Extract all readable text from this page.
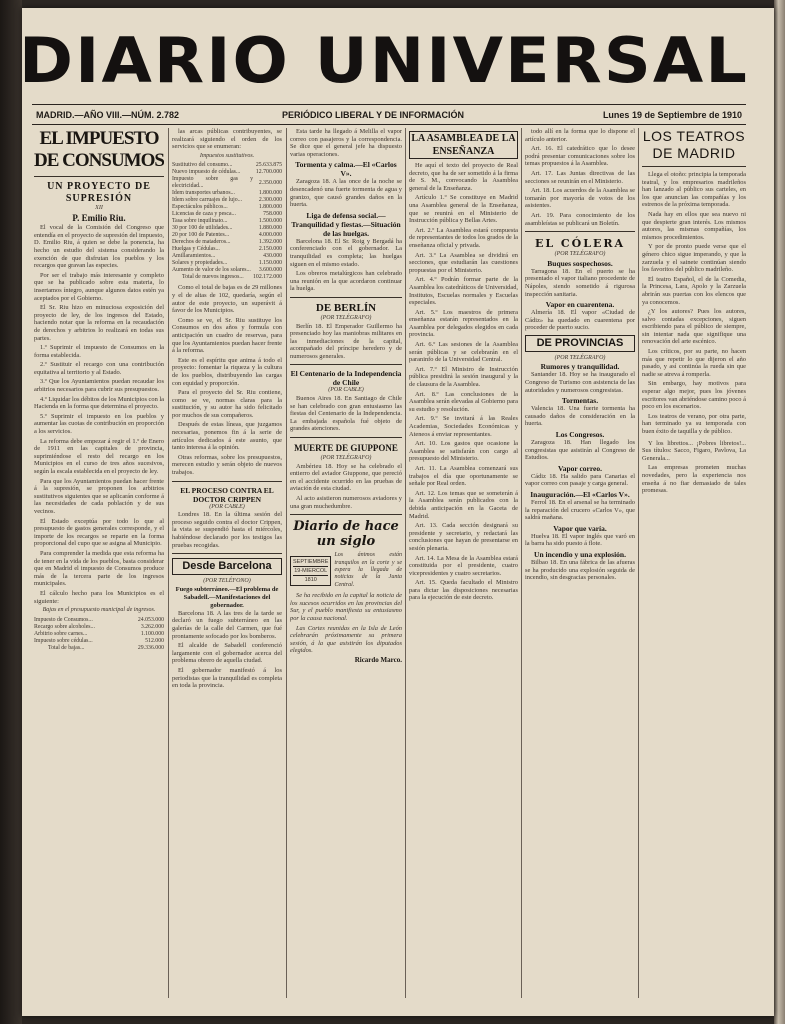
DIARIO UNIVERSAL
MADRID.—AÑO VIII.—NÚM. 2.782	PERIÓDICO LIBERAL Y DE INFORMACIÓN	Lunes 19 de Septiembre de 1910
EL IMPUESTO DE CONSUMOS
UN PROYECTO DE SUPRESIÓN
XII
P. Emilio Riu.

El vocal de la Comisión del Congreso que entendía en el proyecto de supresión del impuesto, D. Emilio Riu, á quien se debe la ponencia, ha hecho un estudio del sistema considerando la exención de que disfrutan los pueblos y los recargos que gravan las especies.

Por ser el trabajo más interesante y completo que se ha publicado sobre esta materia, lo insertamos íntegro, aunque algunos datos estén ya aceptados por el Gobierno.

El Sr. Riu hizo en minuciosa exposición del proyecto de ley, de los ingresos del Estado, haciendo notar que la reforma en la recaudación de derechos y arbitrios lo realizará en todas sus partes.

1.º Suprimir el impuesto de Consumos en la forma establecida.

2.º Sustituir el recargo con una contribución equitativa al territorio y al Estado.

3.º Que los Ayuntamientos puedan recaudar los arbitrios necesarios para cubrir sus presupuestos.

4.º Liquidar los débitos de los Municipios con la Hacienda en la forma que determina el proyecto.

5.º Suprimir el impuesto en los pueblos y aumentar las cuotas de contribución en proporción a los servicios.

La reforma debe empezar á regir el 1.º de Enero de 1911 en las capitales de provincia, suprimiéndose el resto del recargo en los Municipios en el curso de tres años sucesivos, según la escala establecida en el proyecto de ley.

Para que los Ayuntamientos puedan hacer frente á la supresión, se proponen los arbitrios sustitutivos siguientes que se aplicarán conforme á las necesidades de cada población y de sus vecinos.

El Estado exceptúa por todo lo que al presupuesto de gastos generales corresponde, y el importe de los recargos se reparte en la forma proporcional del cupo que se asigna al Municipio.

Para comprender la medida que esta reforma ha de tener en la vida de los pueblos, basta considerar que en Madrid el impuesto de Consumos produce más de la tercera parte de los ingresos municipales.

El cálculo hecho para los Municipios es el siguiente:

Bajas en el presupuesto municipal de ingresos.
Impuesto de Consumos...	24.053.000
Recargo sobre alcoholes...	3.262.000
Arbitrio sobre carnes...	1.100.000
Impuesto sobre cédulas...	512.000
Total de bajas...	29.336.000

las arcas públicas contribuyentes, se realizará siguiendo el orden de los servicios que se enumeran:

Impuestos sustitutivos.
Sustitutivo del consumo...	25.633.875
Nuevo impuesto de cédulas...	12.700.000
Impuesto sobre gas y electricidad...	2.350.000
Idem transportes urbanos...	1.800.000
Idem sobre carruajes de lujo...	2.300.000
Espectáculos públicos...	1.800.000
Licencias de caza y pesca...	758.000
Tasa sobre inquilinato...	1.500.000
30 por 100 de utilidades...	1.880.000
20 por 100 de Patentes...	4.000.000
Derechos de mataderos...	1.392.000
Huelgas y Cédulas...	2.150.000
Amillaramientos...	430.000
Solares y propiedades...	1.150.000
Aumento de valor de los solares...	3.600.000
Total de nuevos ingresos...	102.172.000

Como el total de bajas es de 29 millones y el de altas de 102, quedaría, según el autor de este proyecto, un superávit á favor de los Municipios.

Como se ve, el Sr. Riu sustituye los Consumos en dos años y formula con anticipación un cuadro de reservas, para que los Ayuntamientos puedan hacer frente á la reforma.

Este es el espíritu que anima á todo el proyecto: fomentar la riqueza y la cultura de los pueblos, distribuyendo las cargas con equidad y proporción.

Para el proyecto del Sr. Riu contiene, como se ve, normas claras para la sustitución, y su autor ha sido felicitado por muchos de sus compañeros.

Después de estas líneas, que juzgamos necesarias, ponemos fin á la serie de artículos dedicados á este asunto, que tanto interesa á la opinión.

Otras reformas, sobre los presupuestos, merecen estudio y serán objeto de nuevos trabajos.

EL PROCESO CONTRA EL DOCTOR CRIPPEN
(POR CABLE)

Londres 18. En la última sesión del proceso seguido contra el doctor Crippen, la vista se suspendió hasta el miércoles, habiéndose declarado por los testigos las pruebas recogidas.

Desde Barcelona
(POR TELÉFONO)
Fuego subterráneo.—El problema de Sabadell.—Manifestaciones del gobernador.

Barcelona 18. A las tres de la tarde se declaró un fuego subterráneo en las galerías de la calle del Carmen, que fué prontamente sofocado por los bomberos.

El alcalde de Sabadell conferenció largamente con el gobernador acerca del problema obrero de aquella ciudad.

El gobernador manifestó á los periodistas que la tranquilidad es completa en toda la provincia.

Esta tarde ha llegado á Melilla el vapor correo con pasajeros y la correspondencia. Se dice que el general jefe ha dispuesto varias operaciones.

Tormenta y calma.—El «Carlos V».

Zaragoza 18. A las once de la noche se desencadenó una fuerte tormenta de agua y granizo, que causó grandes daños en la huerta.

Liga de defensa social.—Tranquilidad y fiestas.—Situación de las huelgas.

Barcelona 18. El Sr. Roig y Bergadá ha conferenciado con el gobernador. La tranquilidad es completa; las huelgas siguen en el mismo estado.

Los obreros metalúrgicos han celebrado una reunión en la que acordaron continuar la huelga.

DE BERLÍN
(POR TELÉGRAFO)

Berlín 18. El Emperador Guillermo ha presenciado hoy las maniobras militares en las inmediaciones de la capital, acompañado del príncipe heredero y de numerosos generales.

El Centenario de la Independencia de Chile
(POR CABLE)

Buenos Aires 18. En Santiago de Chile se han celebrado con gran entusiasmo las fiestas del Centenario de la Independencia. La embajada española fué objeto de grandes atenciones.

MUERTE DE GIUPPONE
(POR TELÉGRAFO)

Ambérieu 18. Hoy se ha celebrado el entierro del aviador Giuppone, que pereció en el accidente ocurrido en las pruebas de aviación de esta ciudad.

Al acto asistieron numerosos aviadores y una gran muchedumbre.

Diario de hace un siglo
SEPTIEMBRE
19-MIERCOL
1810
Los ánimos están tranquilos en la corte y se espera la llegada de noticias de la Junta Central.

Se ha recibido en la capital la noticia de los sucesos ocurridos en las provincias del Sur, y el pueblo manifiesta su entusiasmo por la causa nacional.

Las Cortes reunidas en la Isla de León celebrarán próximamente su primera sesión, á la que asistirán los diputados elegidos.

Ricardo Marco.
LA ASAMBLEA DE LA ENSEÑANZA

He aquí el texto del proyecto de Real decreto, que ha de ser sometido á la firma de S. M., convocando la Asamblea general de la Enseñanza.

Artículo 1.º Se constituye en Madrid una Asamblea general de la Enseñanza, que se reunirá en el Ministerio de Instrucción pública y Bellas Artes.

Art. 2.º La Asamblea estará compuesta de representantes de todos los grados de la enseñanza oficial y privada.

Art. 3.º La Asamblea se dividirá en secciones, que estudiarán las cuestiones propuestas por el Ministerio.

Art. 4.º Podrán formar parte de la Asamblea los catedráticos de Universidad, Institutos, Escuelas normales y Escuelas especiales.

Art. 5.º Los maestros de primera enseñanza estarán representados en la Asamblea por delegados elegidos en cada provincia.

Art. 6.º Las sesiones de la Asamblea serán públicas y se celebrarán en el paraninfo de la Universidad Central.

Art. 7.º El Ministro de Instrucción pública presidirá la sesión inaugural y la de clausura de la Asamblea.

Art. 8.º Las conclusiones de la Asamblea serán elevadas al Gobierno para su estudio y resolución.

Art. 9.º Se invitará á las Reales Academias, Sociedades Económicas y Ateneos á enviar representantes.

Art. 10. Los gastos que ocasione la Asamblea se satisfarán con cargo al presupuesto del Ministerio.

Art. 11. La Asamblea comenzará sus trabajos el día que oportunamente se señale por Real orden.

Art. 12. Los temas que se someterán á la Asamblea serán publicados con la debida anticipación en la Gaceta de Madrid.

Art. 13. Cada sección designará su presidente y secretario, y redactará las conclusiones que hayan de presentarse en sesión plenaria.

Art. 14. La Mesa de la Asamblea estará constituida por el presidente, cuatro vicepresidentes y cuatro secretarios.

Art. 15. Queda facultado el Ministro para dictar las disposiciones necesarias para la ejecución de este decreto.

todo allí en la forma que lo dispone el artículo anterior.

Art. 16. El catedrático que lo desee podrá presentar comunicaciones sobre los temas propuestos á la Asamblea.

Art. 17. Las Juntas directivas de las secciones se reunirán en el Ministerio.

Art. 18. Los acuerdos de la Asamblea se tomarán por mayoría de votos de los asistentes.

Art. 19. Para conocimiento de los asambleístas se publicará un Boletín.

EL CÓLERA
(POR TELÉGRAFO)
Buques sospechosos.

Tarragona 18. En el puerto se ha presentado el vapor italiano procedente de Nápoles, siendo sometido á rigurosa inspección sanitaria.

Vapor en cuarentena.

Almería 18. El vapor «Ciudad de Cádiz» ha quedado en cuarentena por proceder de puerto sucio.

DE PROVINCIAS
(POR TELÉGRAFO)
Rumores y tranquilidad.

Santander 18. Hoy se ha inaugurado el Congreso de Turismo con asistencia de las autoridades y numerosos congresistas.

Tormentas.

Valencia 18. Una fuerte tormenta ha causado daños de consideración en la huerta.

Los Congresos.

Zaragoza 18. Han llegado los congresistas que asistirán al Congreso de Estudios.

Vapor correo.

Cádiz 18. Ha salido para Canarias el vapor correo con pasaje y carga general.

Inauguración.—El «Carlos V».

Ferrol 18. En el arsenal se ha terminado la reparación del crucero «Carlos V», que saldrá mañana.

Vapor que varía.

Huelva 18. El vapor inglés que varó en la barra ha sido puesto á flote.

Un incendio y una explosión.

Bilbao 18. En una fábrica de las afueras se ha producido una explosión seguida de incendio, sin desgracias personales.

LOS TEATROS DE MADRID

Llega el otoño: principia la temporada teatral, y los empresarios madrileños han lanzado al público sus carteles, en los que anuncian las compañías y los estrenos de la próxima temporada.

Nada hay en ellos que sea nuevo ni que despierte gran interés. Los mismos autores, las mismas compañías, los mismos procedimientos.

Y por de pronto puede verse que el género chico sigue imperando, y que la zarzuela y el sainete continúan siendo los favoritos del público madrileño.

El teatro Español, el de la Comedia, la Princesa, Lara, Apolo y la Zarzuela abrirán sus puertas con los elencos que ya conocemos.

¿Y los autores? Pues los autores, salvo contadas excepciones, siguen escribiendo para el público de siempre, sin intentar nada que signifique una renovación del arte escénico.

Los críticos, por su parte, no hacen más que repetir lo que dijeron el año pasado, y así continúa la rueda sin que nadie se atreva á romperla.

Sin embargo, hay motivos para esperar algo mejor, pues los jóvenes escritores van abriéndose camino poco á poco en los escenarios.

Los teatros de verano, por otra parte, han terminado ya su temporada con buen éxito de taquilla y de público.

Y los librettos... ¡Pobres libretos!... Sus títulos: Sacco, Figaro, Pavlova, La Generala...

Las empresas prometen muchas novedades, pero la experiencia nos enseña á no fiar demasiado de tales promesas.
